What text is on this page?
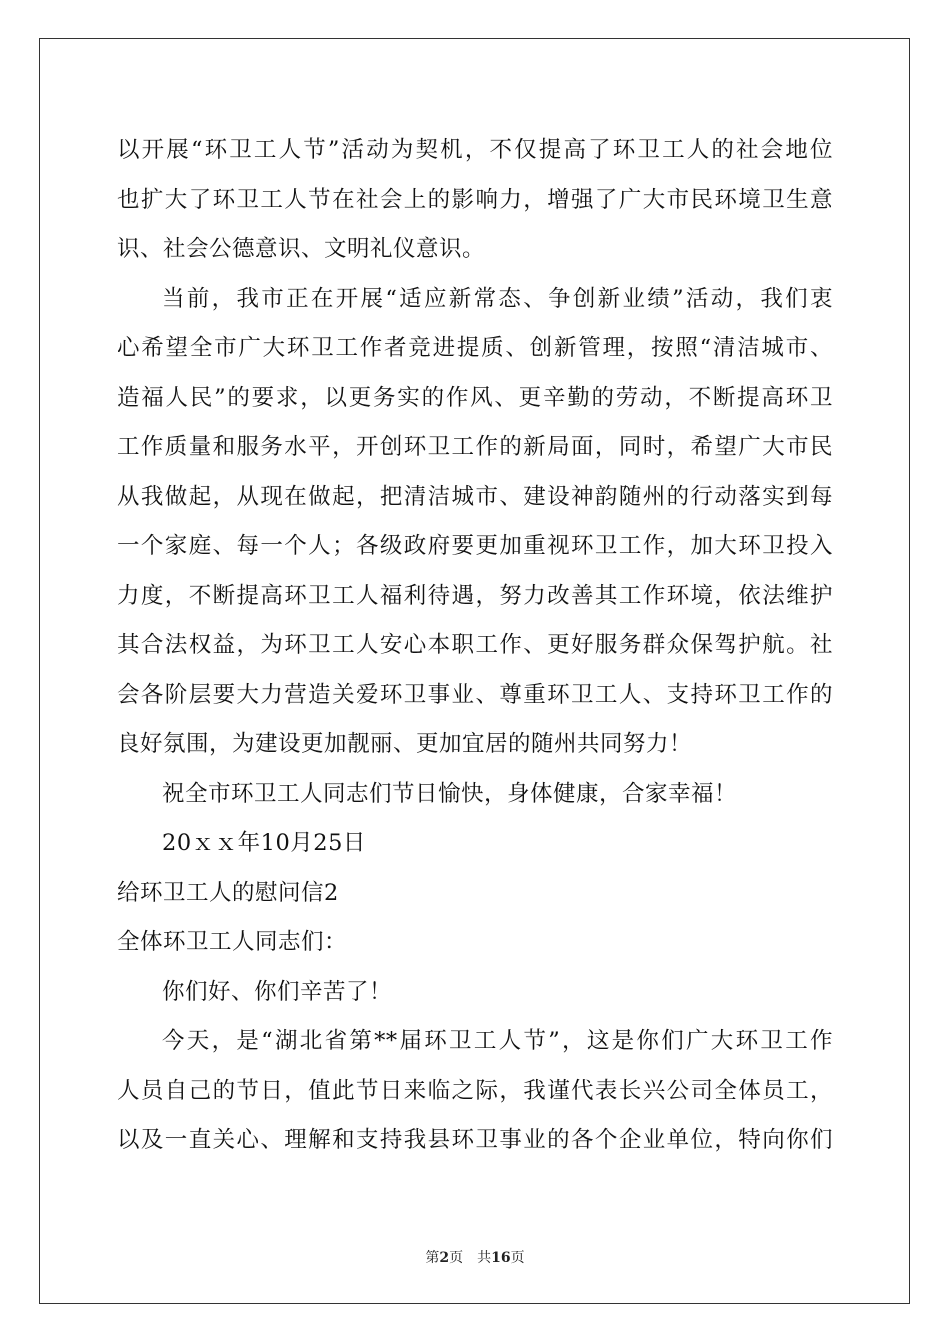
以开展“环卫工人节”活动为契机，不仅提高了环卫工人的社会地位
也扩大了环卫工人节在社会上的影响力，增强了广大市民环境卫生意
识、社会公德意识、文明礼仪意识。
当前，我市正在开展“适应新常态、争创新业绩”活动，我们衷
心希望全市广大环卫工作者竞进提质、创新管理，按照“清洁城市、
造福人民”的要求，以更务实的作风、更辛勤的劳动，不断提高环卫
工作质量和服务水平，开创环卫工作的新局面，同时，希望广大市民
从我做起，从现在做起，把清洁城市、建设神韵随州的行动落实到每
一个家庭、每一个人；各级政府要更加重视环卫工作，加大环卫投入
力度，不断提高环卫工人福利待遇，努力改善其工作环境，依法维护
其合法权益，为环卫工人安心本职工作、更好服务群众保驾护航。社
会各阶层要大力营造关爱环卫事业、尊重环卫工人、支持环卫工作的
良好氛围，为建设更加靓丽、更加宜居的随州共同努力！
祝全市环卫工人同志们节日愉快，身体健康，合家幸福！
20ｘｘ年10月25日
给环卫工人的慰问信2
全体环卫工人同志们：
你们好、你们辛苦了！
今天，是“湖北省第**届环卫工人节”，这是你们广大环卫工作
人员自己的节日，值此节日来临之际，我谨代表长兴公司全体员工，
以及一直关心、理解和支持我县环卫事业的各个企业单位，特向你们
第2页　共16页
